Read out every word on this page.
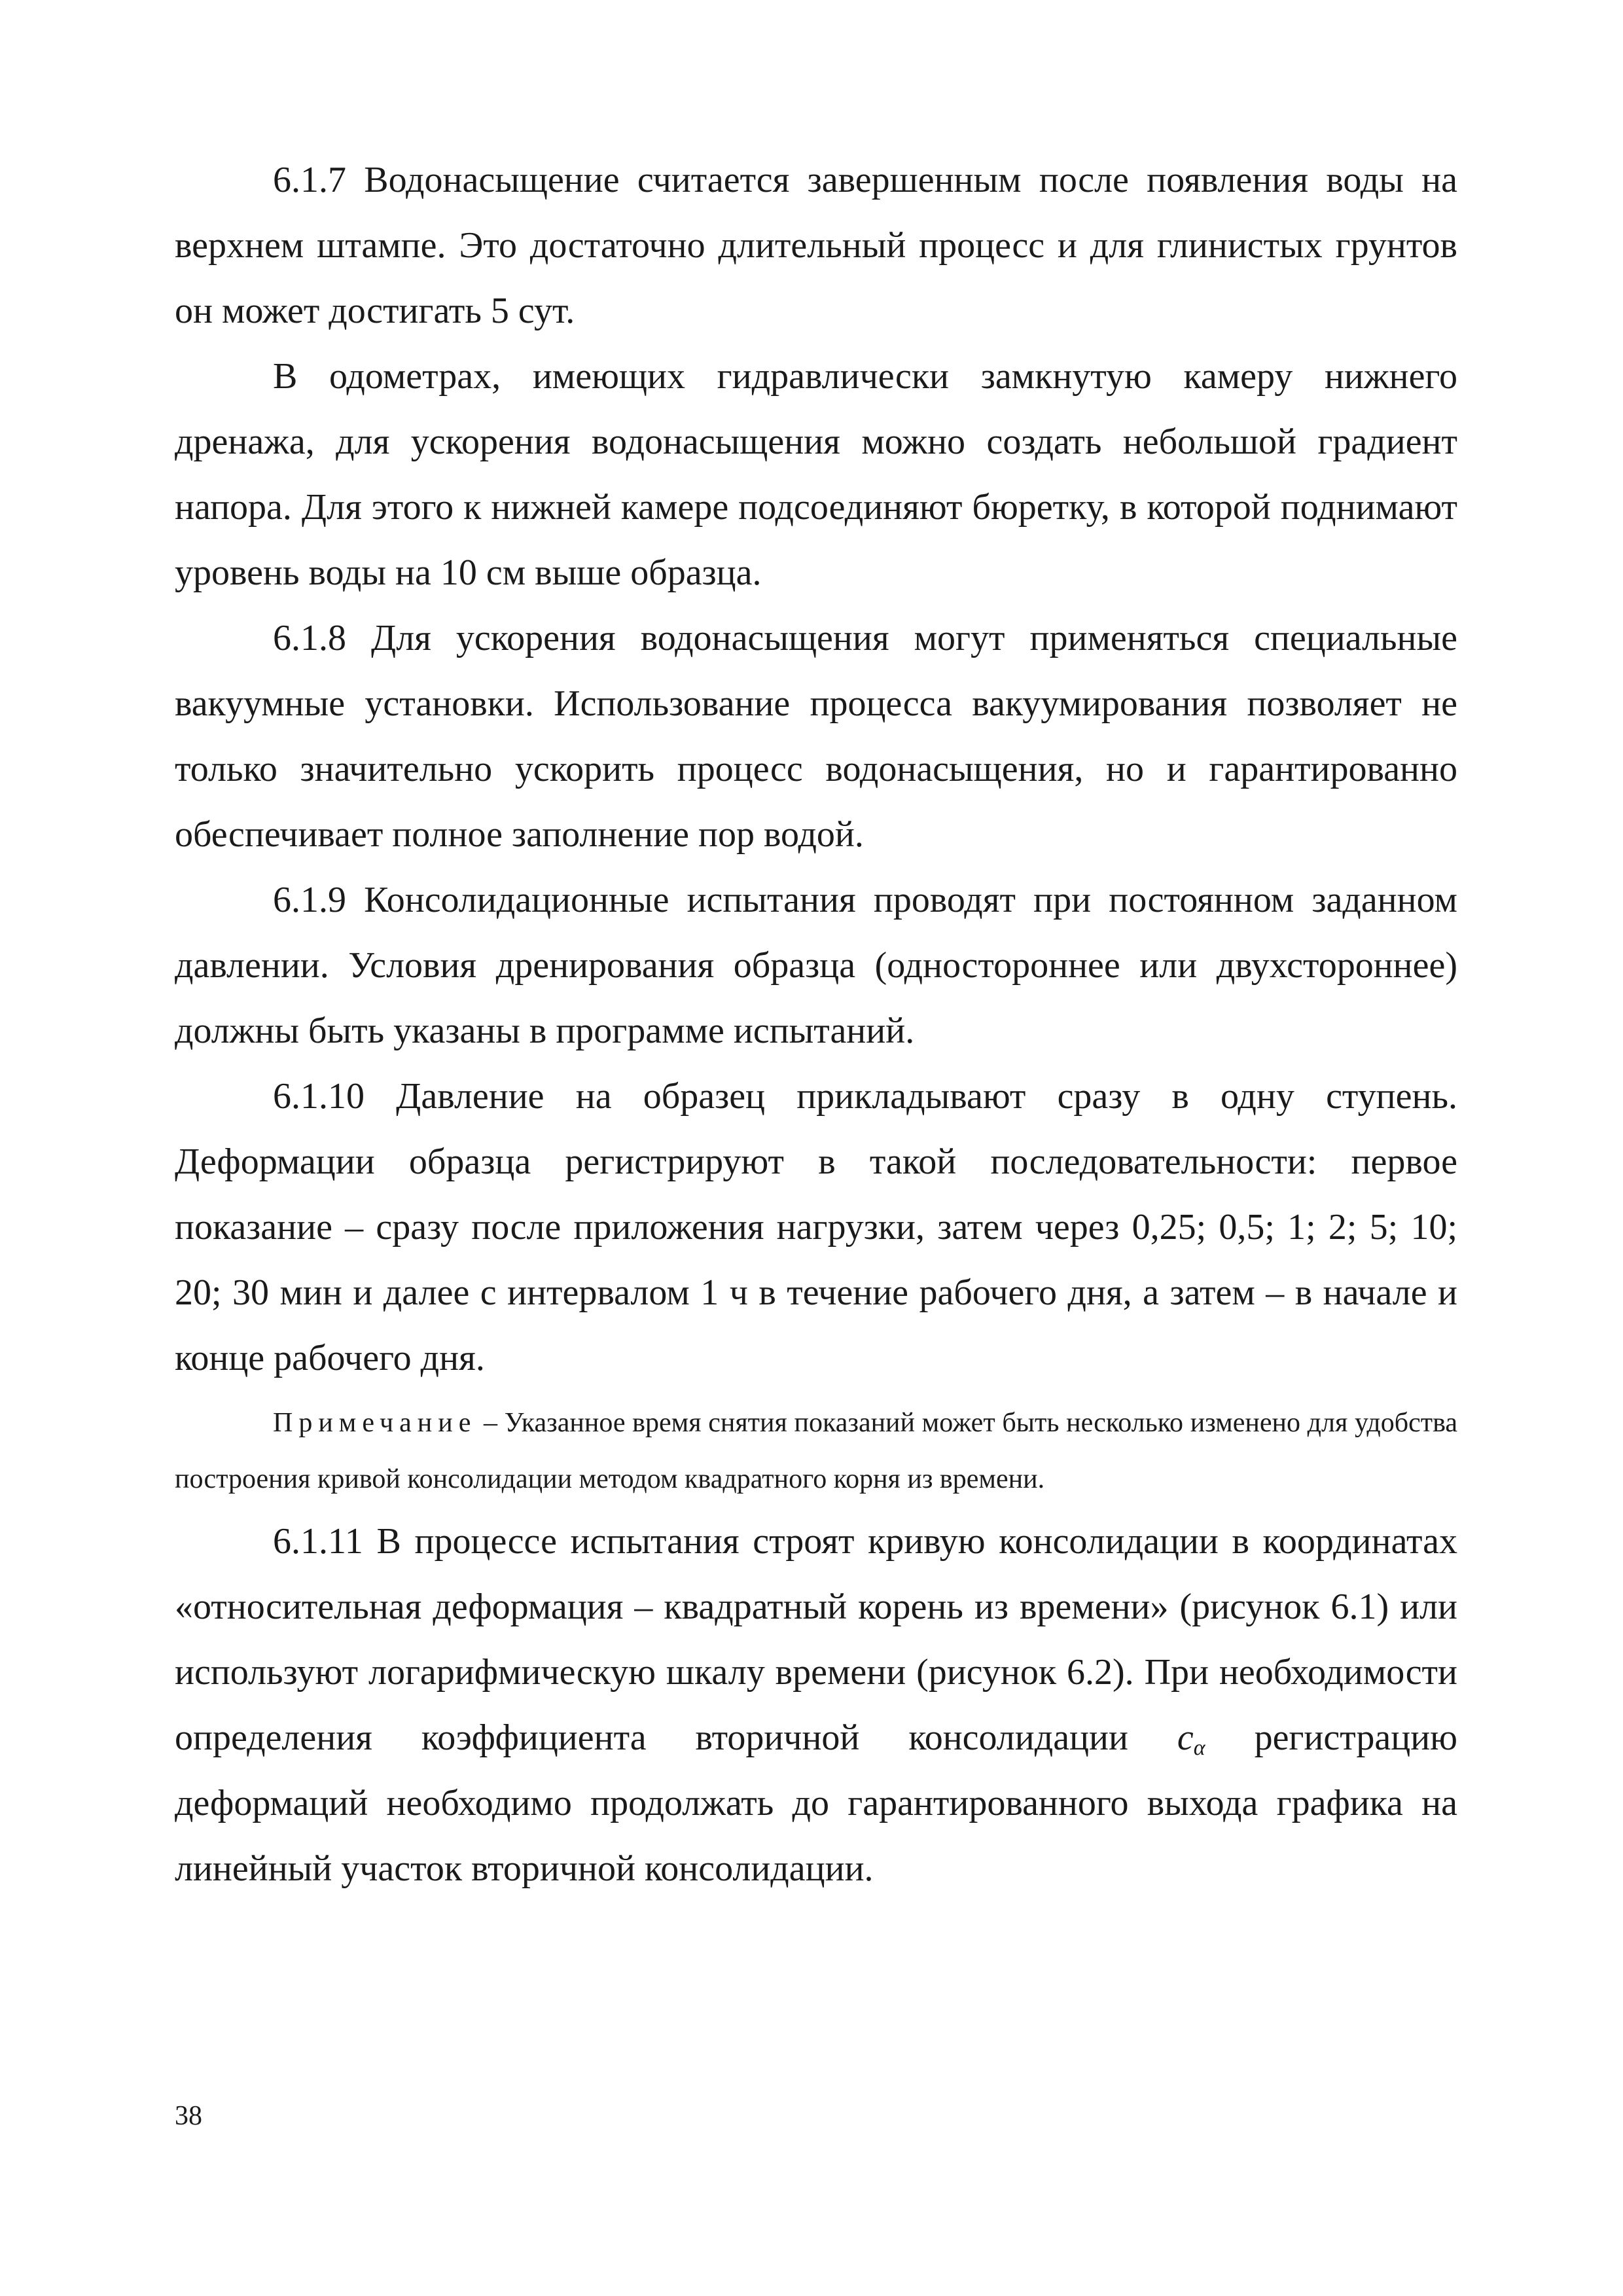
6.1.7 Водонасыщение считается завершенным после появления воды на верхнем штампе. Это достаточно длительный процесс и для глинистых грунтов он может достигать 5 сут.

В одометрах, имеющих гидравлически замкнутую камеру нижнего дренажа, для ускорения водонасыщения можно создать небольшой градиент напора. Для этого к нижней камере подсоединяют бюретку, в которой поднимают уровень воды на 10 см выше образца.

6.1.8 Для ускорения водонасыщения могут применяться специальные вакуумные установки. Использование процесса вакуумирования позволяет не только значительно ускорить процесс водонасыщения, но и гарантированно обеспечивает полное заполнение пор водой.

6.1.9 Консолидационные испытания проводят при постоянном заданном давлении. Условия дренирования образца (одностороннее или двухстороннее) должны быть указаны в программе испытаний.

6.1.10 Давление на образец прикладывают сразу в одну ступень. Деформации образца регистрируют в такой последовательности: первое показание – сразу после приложения нагрузки, затем через 0,25; 0,5; 1; 2; 5; 10; 20; 30 мин и далее с интервалом 1 ч в течение рабочего дня, а затем – в начале и конце рабочего дня.

Примечание – Указанное время снятия показаний может быть несколько изменено для удобства построения кривой консолидации методом квадратного корня из времени.

6.1.11 В процессе испытания строят кривую консолидации в координатах «относительная деформация – квадратный корень из времени» (рисунок 6.1) или используют логарифмическую шкалу времени (рисунок 6.2). При необходимости определения коэффициента вторичной консолидации $c_\alpha$ регистрацию деформаций необходимо продолжать до гарантированного выхода графика на линейный участок вторичной консолидации.

38
